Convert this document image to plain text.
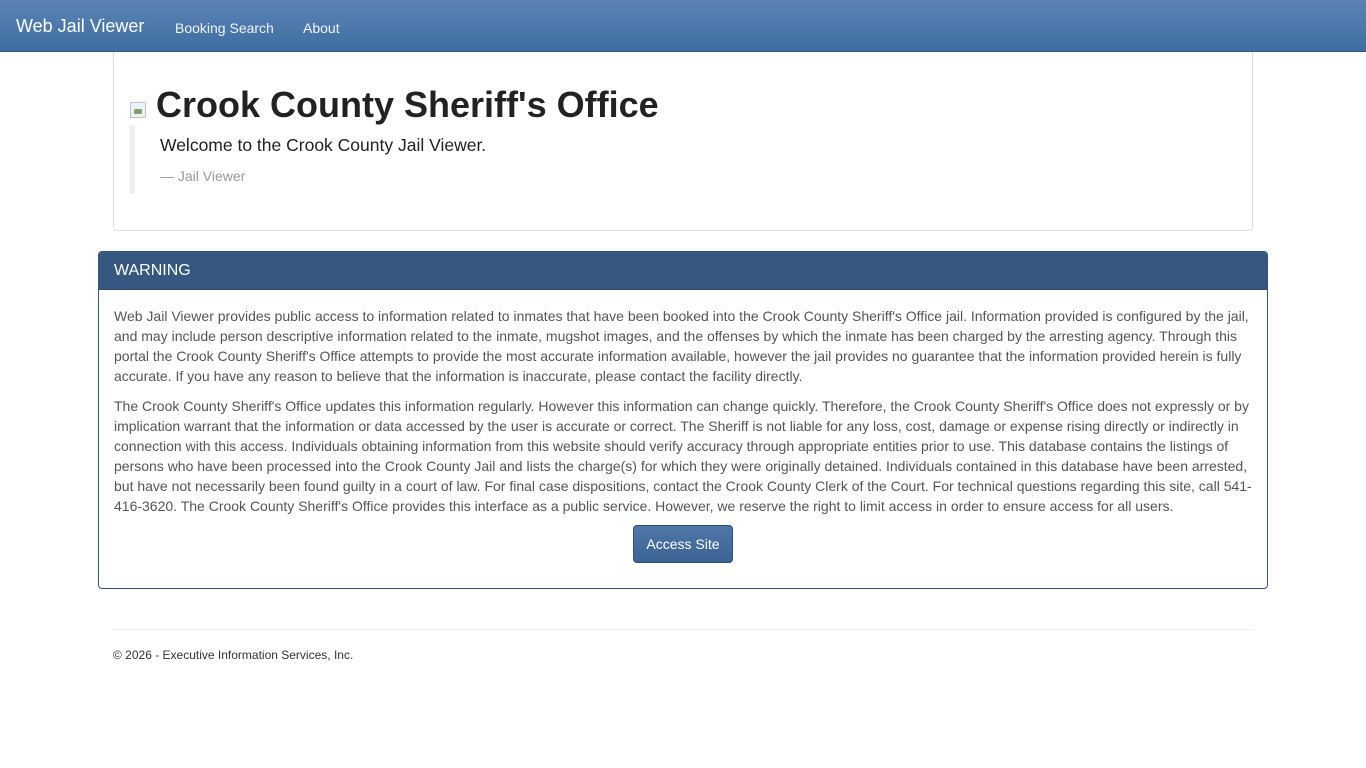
Web Jail Viewer Booking Search About
Crook County Sheriff's Office

Welcome to the Crook County Jail Viewer.

— Jail Viewer

WARNING

Web Jail Viewer provides public access to information related to inmates that have been booked into the Crook County Sheriff's Office jail. Information provided is configured by the jail, and may include person descriptive information related to the inmate, mugshot images, and the offenses by which the inmate has been charged by the arresting agency. Through this portal the Crook County Sheriff's Office attempts to provide the most accurate information available, however the jail provides no guarantee that the information provided herein is fully accurate. If you have any reason to believe that the information is inaccurate, please contact the facility directly.

The Crook County Sheriff's Office updates this information regularly. However this information can change quickly. Therefore, the Crook County Sheriff's Office does not expressly or by implication warrant that the information or data accessed by the user is accurate or correct. The Sheriff is not liable for any loss, cost, damage or expense rising directly or indirectly in connection with this access. Individuals obtaining information from this website should verify accuracy through appropriate entities prior to use. This database contains the listings of persons who have been processed into the Crook County Jail and lists the charge(s) for which they were originally detained. Individuals contained in this database have been arrested, but have not necessarily been found guilty in a court of law. For final case dispositions, contact the Crook County Clerk of the Court. For technical questions regarding this site, call 541-416-3620. The Crook County Sheriff's Office provides this interface as a public service. However, we reserve the right to limit access in order to ensure access for all users.

Access Site

© 2026 - Executive Information Services, Inc.
